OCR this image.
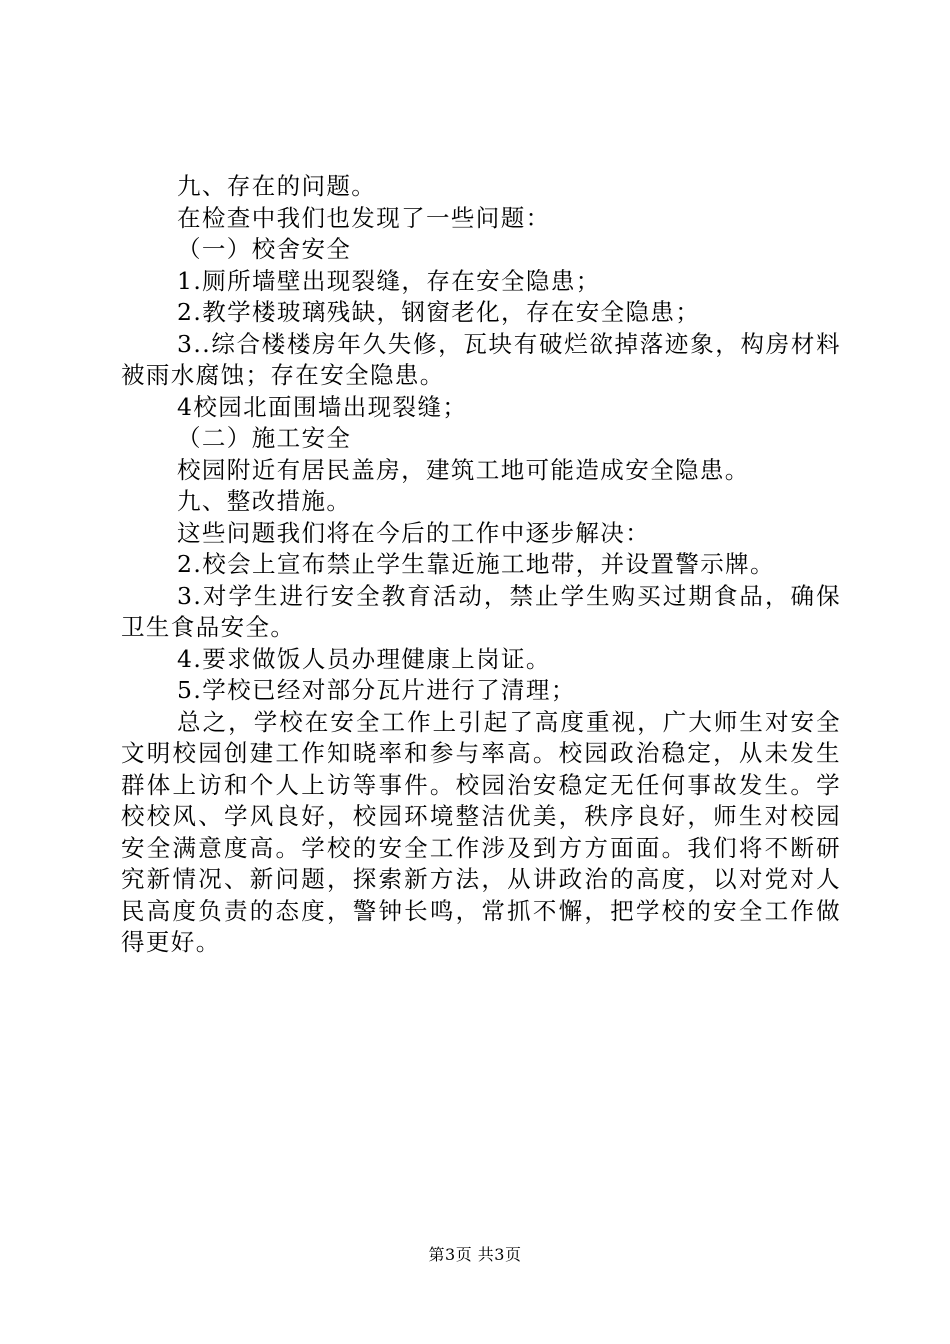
九、存在的问题。

在检查中我们也发现了一些问题：

（一）校舍安全

1.厕所墙壁出现裂缝，存在安全隐患；

2.教学楼玻璃残缺，钢窗老化，存在安全隐患；

3..综合楼楼房年久失修，瓦块有破烂欲掉落迹象，构房材料被雨水腐蚀；存在安全隐患。

4校园北面围墙出现裂缝；

（二）施工安全

校园附近有居民盖房，建筑工地可能造成安全隐患。

九、整改措施。

这些问题我们将在今后的工作中逐步解决：

2.校会上宣布禁止学生靠近施工地带，并设置警示牌。

3.对学生进行安全教育活动，禁止学生购买过期食品，确保卫生食品安全。

4.要求做饭人员办理健康上岗证。

5.学校已经对部分瓦片进行了清理；

总之，学校在安全工作上引起了高度重视，广大师生对安全文明校园创建工作知晓率和参与率高。校园政治稳定，从未发生群体上访和个人上访等事件。校园治安稳定无任何事故发生。学校校风、学风良好，校园环境整洁优美，秩序良好，师生对校园安全满意度高。学校的安全工作涉及到方方面面。我们将不断研究新情况、新问题，探索新方法，从讲政治的高度，以对党对人民高度负责的态度，警钟长鸣，常抓不懈，把学校的安全工作做得更好。

第3页 共3页
